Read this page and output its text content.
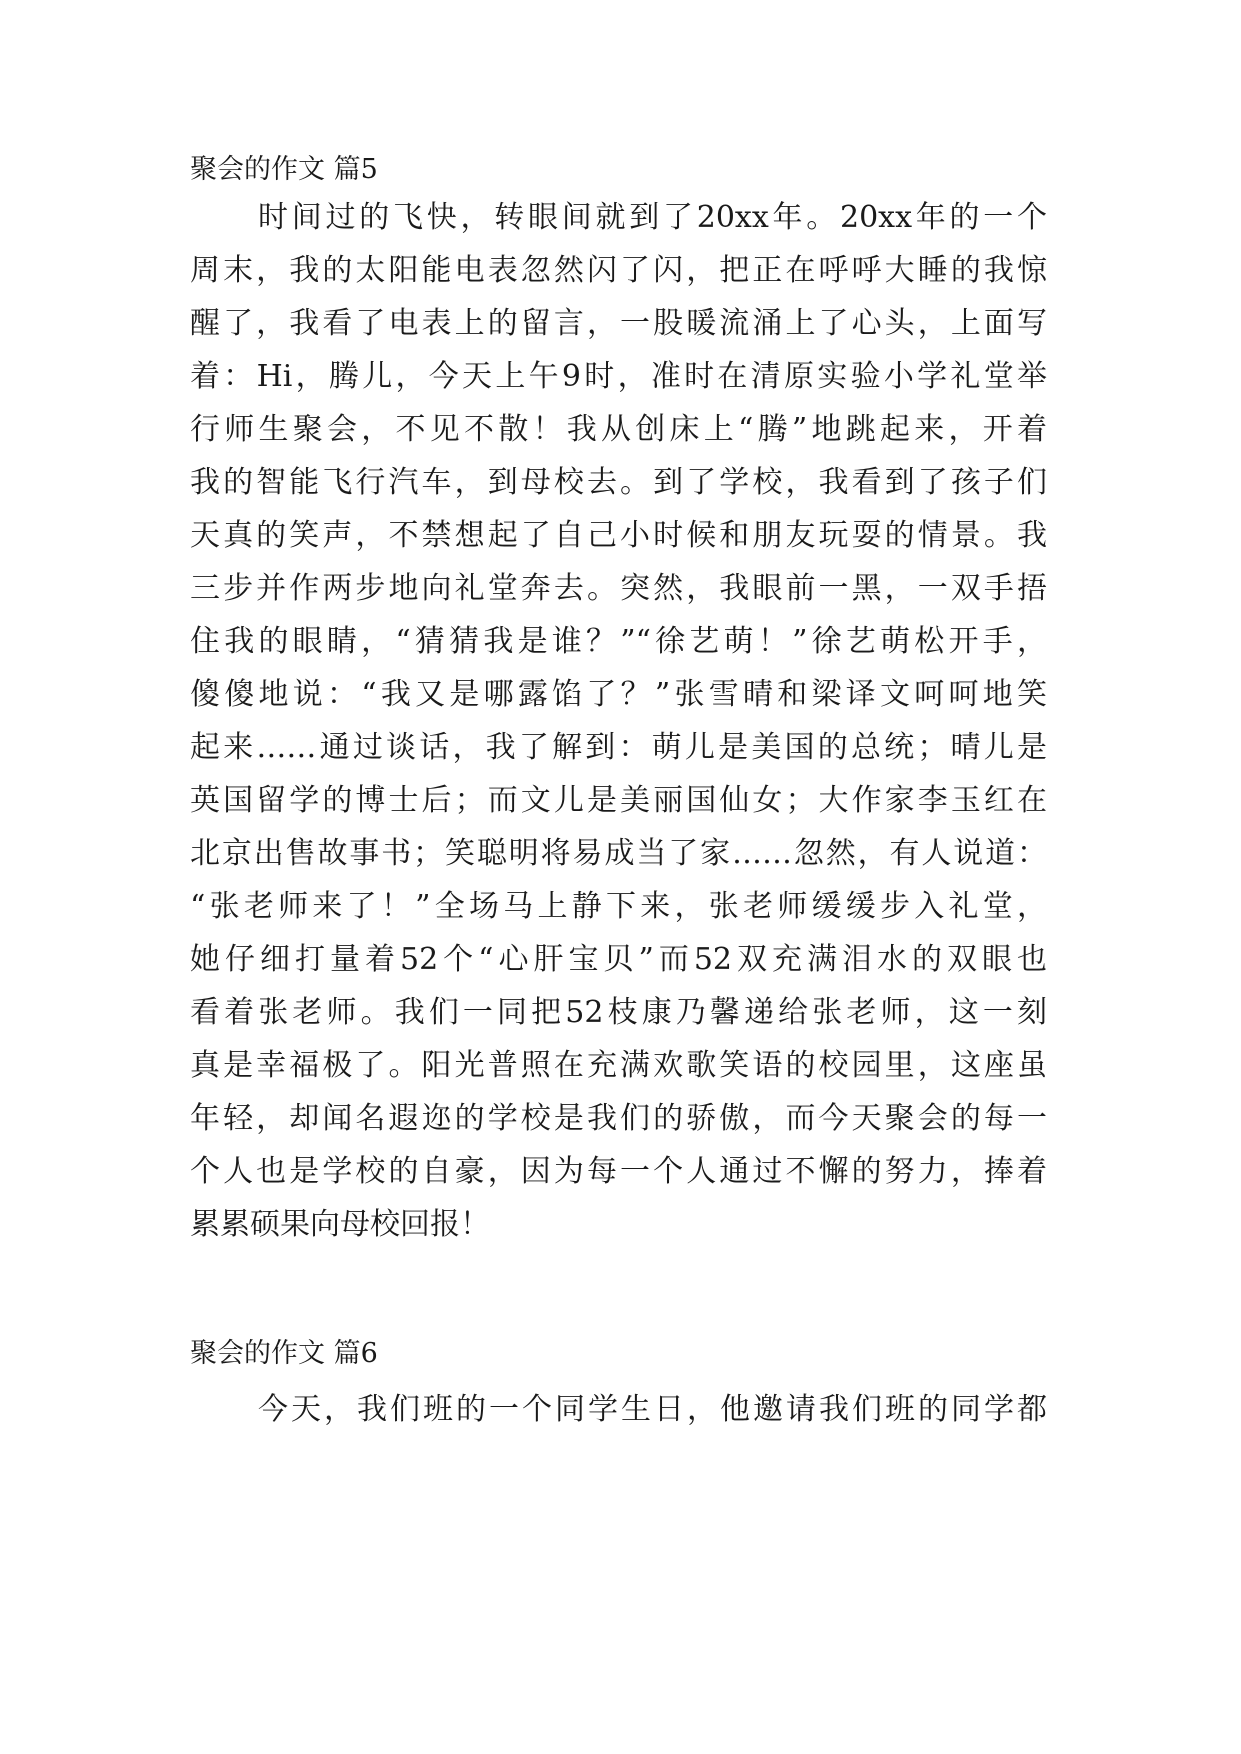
聚会的作文 篇5
时间过的飞快，转眼间就到了20xx年。20xx年的一个
周末，我的太阳能电表忽然闪了闪，把正在呼呼大睡的我惊
醒了，我看了电表上的留言，一股暖流涌上了心头，上面写
着：Hi，腾儿，今天上午9时，准时在清原实验小学礼堂举
行师生聚会，不见不散！我从创床上“腾”地跳起来，开着
我的智能飞行汽车，到母校去。到了学校，我看到了孩子们
天真的笑声，不禁想起了自己小时候和朋友玩耍的情景。我
三步并作两步地向礼堂奔去。突然，我眼前一黑，一双手捂
住我的眼睛，“猜猜我是谁？”“徐艺萌！”徐艺萌松开手，
傻傻地说：“我又是哪露馅了？”张雪晴和梁译文呵呵地笑
起来……通过谈话，我了解到：萌儿是美国的总统；晴儿是
英国留学的博士后；而文儿是美丽国仙女；大作家李玉红在
北京出售故事书；笑聪明将易成当了家……忽然，有人说道：
“张老师来了！”全场马上静下来，张老师缓缓步入礼堂，
她仔细打量着52个“心肝宝贝”而52双充满泪水的双眼也
看着张老师。我们一同把52枝康乃馨递给张老师，这一刻
真是幸福极了。阳光普照在充满欢歌笑语的校园里，这座虽
年轻，却闻名遐迩的学校是我们的骄傲，而今天聚会的每一
个人也是学校的自豪，因为每一个人通过不懈的努力，捧着
累累硕果向母校回报！
聚会的作文 篇6
今天，我们班的一个同学生日，他邀请我们班的同学都
